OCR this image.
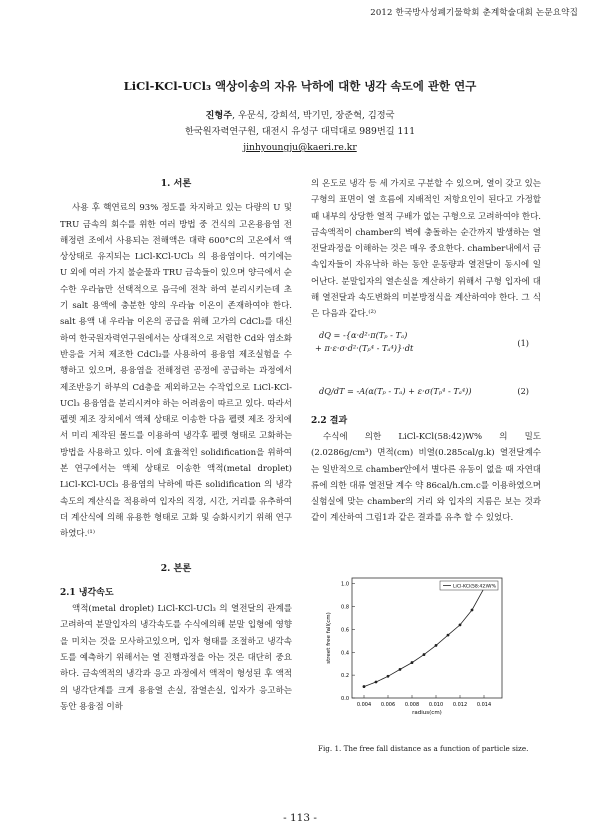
2012 한국방사성폐기물학회 춘계학술대회 논문요약집
LiCl-KCl-UCl₃ 액상이송의 자유 낙하에 대한 냉각 속도에 관한 연구
진형주, 우문식, 강희석, 박기민, 장준혁, 김정국
한국원자력연구원, 대전시 유성구 대덕대로 989번길 111
jinhyoungju@kaeri.re.kr
1. 서론

사용 후 핵연료의 93% 정도를 차지하고 있는 다량의 U 및 TRU 금속의 회수를 위한 여러 방법 중 건식의 고온용융염 전해정련 조에서 사용되는 전해액은 대략 600°C의 고온에서 액상상태로 유지되는 LiCl-KCl-UCl₃ 의 용융염이다. 여기에는 U 외에 여러 가지 불순물과 TRU 금속들이 있으며 양극에서 순수한 우라늄만 선택적으로 음극에 전착 하여 분리시키는데 초기 salt 용액에 충분한 양의 우라늄 이온이 존재하여야 한다. salt 용액 내 우라늄 이온의 공급을 위해 고가의 CdCl₂를 대신하여 한국원자력연구원에서는 상대적으로 저렴한 Cd와 염소화반응을 거쳐 제조한 CdCl₂를 사용하여 용융염 제조실험을 수행하고 있으며, 용융염을 전해정련 공정에 공급하는 과정에서 제조반응기 하부의 Cd층을 제외하고는 수작업으로 LiCl-KCl-UCl₃ 용융염을 분리시켜야 하는 어려움이 따르고 있다. 따라서 펠렛 제조 장치에서 액체 상태로 이송한 다음 펠렛 제조 장치에서 미리 제작된 몰드를 이용하여 냉각후 펠렛 형태로 고화하는 방법을 사용하고 있다. 이에 효율적인 solidification을 위하여 본 연구에서는 액체 상태로 이송한 액적(metal droplet) LiCl-KCl-UCl₃ 용융염의 낙하에 따른 solidification 의 냉각 속도의 계산식을 적용하여 입자의 직경, 시간, 거리를 유추하여 더 계산식에 의해 유용한 형태로 고화 및 승화시키기 위해 연구하였다.⁽¹⁾

2. 본론
2.1 냉각속도

액적(metal droplet) LiCl-KCl-UCl₃ 의 열전달의 관계를 고려하여 분말입자의 냉각속도를 수식에의해 분말 입형에 영향을 미치는 것을 모사하고있으며, 입자 형태를 조절하고 냉각속도를 예측하기 위해서는 열 진행과정을 아는 것은 대단히 중요하다. 금속액적의 냉각과 응고 과정에서 액적이 형성된 후 액적의 냉각단계를 크게 용융열 손실, 잠열손실, 입자가 응고하는 동안 용융점 이하

의 온도로 냉각 등 세 가지로 구분할 수 있으며, 열이 갖고 있는 구형의 표면이 열 흐름에 지배적인 저항요인이 된다고 가정할 때 내부의 상당한 열적 구배가 없는 구형으로 고려하여야 한다. 금속액적이 chamber의 벽에 충돌하는 순간까지 발생하는 열전달과정을 이해하는 것은 매우 중요한다. chamber내에서 금속입자들이 자유낙하 하는 동안 운동량과 열전달이 동시에 일어난다. 분말입자의 열손실을 계산하기 위해서 구형 입자에 대해 열전달과 속도변화의 미분방정식을 계산하여야 한다. 그 식은 다음과 같다.⁽²⁾

dQ = -{α·d²·π(Tₚ - Tₐ)
+ π·ε·σ·d²·(Tₚ⁴ - Tₐ⁴)}·dt	(1)
dQ/dT = -A(α(Tₚ - Tₐ) + ε·σ(Tₚ⁴ - Tₐ⁴))	(2)
2.2 결과

수식에 의한 LiCl-KCl(58:42)W% 의 밀도(2.0286g/cm³) 면적(cm) 비열(0.285cal/g.k) 열전달계수는 일반적으로 chamber안에서 별다른 유동이 없을 때 자연대류에 의한 대류 열전달 계수 약 86cal/h.cm.c를 이용하였으며 실험실에 맞는 chamber의 거리 와 입자의 지름은 보는 것과 같이 계산하여 그림1과 같은 결과를 유추 할 수 있었다.

0.0
0.2
0.4
0.6
0.8
1.0
0.004 0.006 0.008 0.010 0.012 0.014
LiCl-KCl(58:42)W%
radius(cm)
street free fall(cm)
Fig. 1. The free fall distance as a function of particle size.
- 113 -
